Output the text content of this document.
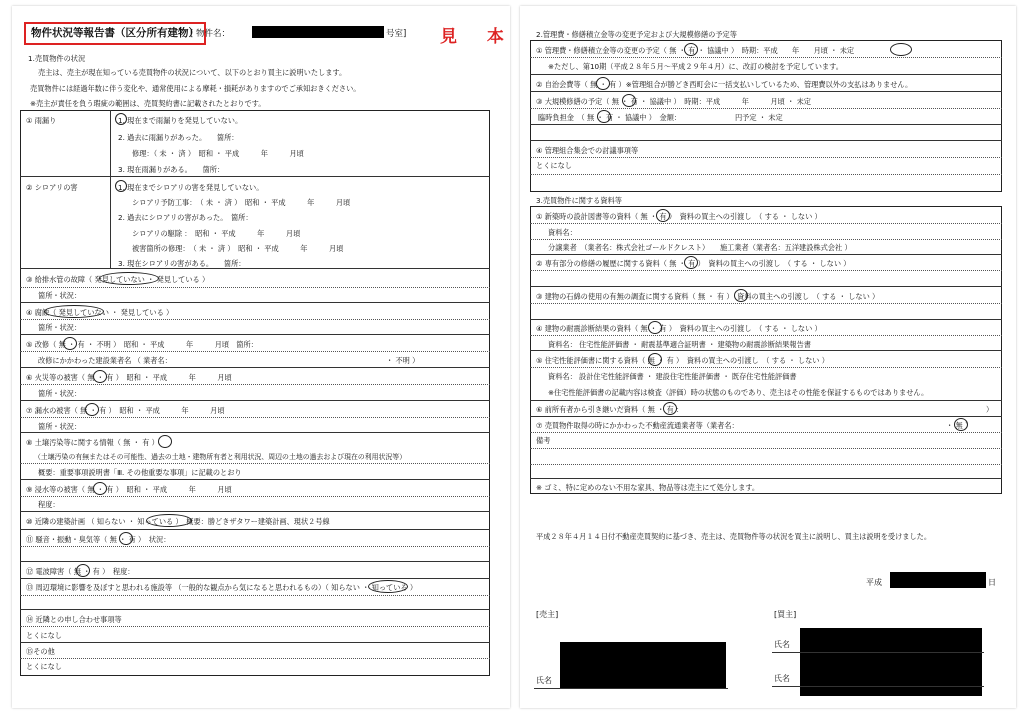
物件状況等報告書（区分所有建物）
[ 物件名：	号室] 見 本
1.売買物件の状況
売主は、売主が現在知っている売買物件の状況について、以下のとおり買主に説明いたします。
売買物件には経過年数に伴う変化や、通常使用による摩耗・損耗がありますのでご承知おきください。
※売主が責任を負う瑕疵の範囲は、売買契約書に記載されたとおりです。
① 雨漏り	1. 現在まで雨漏りを発見していない。
2. 過去に雨漏りがあった。　　箇所：
修理：（ 未 ・ 済 ）　昭和 ・ 平成　　　年　　　月頃
3. 現在雨漏りがある。　　箇所：
② シロアリの害	1. 現在までシロアリの害を発見していない。
シロアリ予防工事：　（ 未 ・ 済 ）　昭和 ・ 平成　　　年　　　月頃
2. 過去にシロアリの害があった。　箇所：
シロアリの駆除 ：　昭和 ・ 平成　　　年　　　月頃
被害箇所の修理：　（ 未 ・ 済 ）　昭和 ・ 平成　　　年　　　月頃
3. 現在シロアリの害がある。　　箇所：
③ 給排水管の故障（ 発見していない ・ 発見している ）
箇所・状況：
④ 腐蝕（ 発見していない ・ 発見している ）
箇所・状況：
⑤ 改修（ 無 ・ 有 ・ 不明 ）　昭和 ・ 平成　　　年　　　月頃　箇所：
改修にかかわった建設業者名 （ 業者名：	・ 不明 ）
⑥ 火災等の被害（ 無 ・ 有 ）　昭和 ・ 平成　　　年　　　月頃
箇所・状況：
⑦ 漏水の被害（ 無 ・ 有 ）　昭和 ・ 平成　　　年　　　月頃
箇所・状況：
⑧ 土壌汚染等に関する情報（ 無 ・ 有 ）
（土壌汚染の有無またはその可能性、過去の土地・建物所有者と利用状況、周辺の土地の過去および現在の利用状況等）
概要：重要事項説明書「Ⅲ. その他重要な事項」に記載のとおり
⑨ 浸水等の被害（ 無 ・ 有 ）　昭和 ・ 平成　　　年　　　月頃
程度：
⑩ 近隣の建築計画 （ 知らない ・ 知っている ）　概要：勝どきザタワー建築計画、現状２号線
⑪ 騒音・振動・臭気等（ 無 ・ 有 ）　状況：
⑫ 電波障害（ 無 ・ 有 ）　程度：
⑬ 周辺環境に影響を及ぼすと思われる施設等 （一般的な観点から気になると思われるもの）（ 知らない ・ 知っている ）
⑭ 近隣との申し合わせ事項等
とくになし
⑮その他
とくになし
2.管理費・修繕積立金等の変更予定および大規模修繕の予定等
① 管理費・修繕積立金等の変更の予定（ 無 ・ 有 ・ 協議中 ）　時期：平成　　年　　月頃 ・ 未定
※ただし、第10期（平成２８年５月〜平成２９年４月）に、改訂の検討を予定しています。
② 自治会費等（ 無 ・ 有 ）※管理組合が勝どき西町会に一括支払いしているため、管理費以外の支払はありません。
③ 大規模修繕の予定（ 無 ・ 有 ・ 協議中 ）　時期：平成　　　年　　　月頃 ・ 未定
臨時負担金　（ 無 ・ 有 ・ 協議中 ）　金額：　　　　　　　　円予定 ・ 未定
④ 管理組合集会での討議事項等
とくになし
3.売買物件に関する資料等
① 新築時の設計図書等の資料（ 無 ・ 有 ）　資料の買主への引渡し　（ する ・ しない ）
資料名：
分譲業者　（業者名：株式会社ゴールドクレスト）　　施工業者（業者名：五洋建設株式会社 ）
② 専有部分の修繕の履歴に関する資料（ 無 ・ 有 ）　資料の買主への引渡し　（ する ・ しない ）
③ 建物の石綿の使用の有無の調査に関する資料（ 無 ・ 有 ）　資料の買主への引渡し　（ する ・ しない ）
④ 建物の耐震診断結果の資料（ 無 ・ 有 ）　資料の買主への引渡し　（ する ・ しない ）
資料名： 住宅性能評価書 ・ 耐震基準適合証明書 ・ 建築物の耐震診断結果報告書
⑤ 住宅性能評価書に関する資料（ 無 ・ 有 ）　資料の買主への引渡し　（ する ・ しない ）
資料名： 設計住宅性能評価書 ・ 建設住宅性能評価書 ・ 既存住宅性能評価書
※住宅性能評価書の記載内容は検査（評価）時の状態のものであり、売主はその性能を保証するものではありません。
⑥ 前所有者から引き継いだ資料（ 無 ・ 有 ：	）
⑦ 売買物件取得の時にかかわった不動産流通業者等（業者名：	・ 無 ）
備考
※ ゴミ、特に定めのない不用な家具、物品等は売主にて処分します。
平成２８年４月１４日付不動産売買契約に基づき、売主は、売買物件等の状況を買主に説明し、買主は説明を受けました。
平成	日
[売主]	[買主]
氏名
氏名
氏名
